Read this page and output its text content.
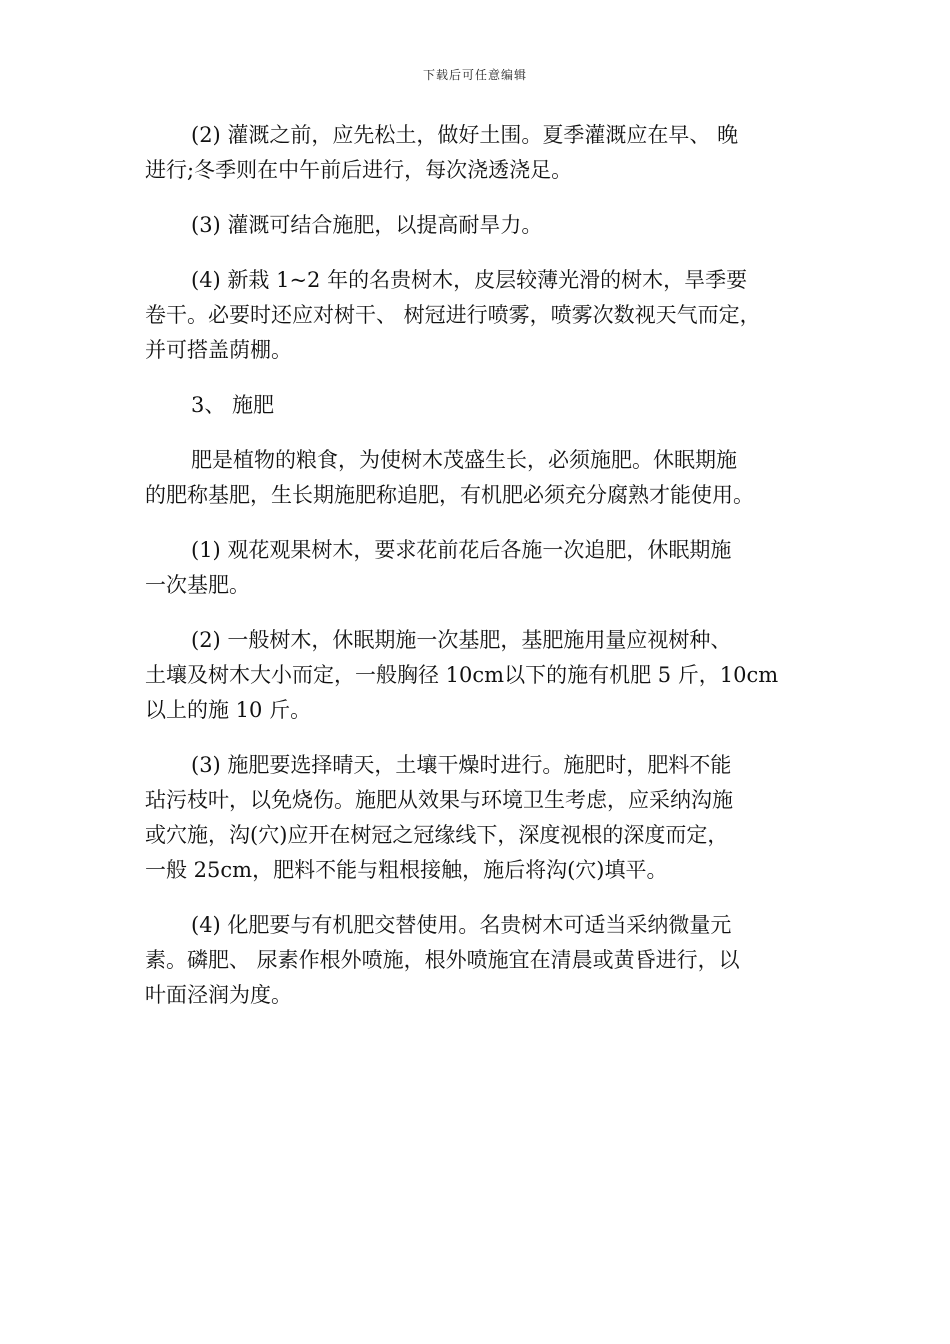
下载后可任意编辑

(2) 灌溉之前，应先松土，做好土围。夏季灌溉应在早、 晚
进行;冬季则在中午前后进行，每次浇透浇足。

(3) 灌溉可结合施肥，以提高耐旱力。

(4) 新栽 1~2 年的名贵树木，皮层较薄光滑的树木，旱季要
卷干。必要时还应对树干、 树冠进行喷雾，喷雾次数视天气而定，
并可搭盖荫棚。

3、 施肥

肥是植物的粮食，为使树木茂盛生长，必须施肥。休眠期施
的肥称基肥，生长期施肥称追肥，有机肥必须充分腐熟才能使用。

(1) 观花观果树木，要求花前花后各施一次追肥，休眠期施
一次基肥。

(2) 一般树木，休眠期施一次基肥，基肥施用量应视树种、
土壤及树木大小而定，一般胸径 10cm以下的施有机肥 5 斤，10cm
以上的施 10 斤。

(3) 施肥要选择晴天，土壤干燥时进行。施肥时，肥料不能
玷污枝叶，以免烧伤。施肥从效果与环境卫生考虑，应采纳沟施
或穴施，沟(穴)应开在树冠之冠缘线下，深度视根的深度而定，
一般 25cm，肥料不能与粗根接触，施后将沟(穴)填平。

(4) 化肥要与有机肥交替使用。名贵树木可适当采纳微量元
素。磷肥、 尿素作根外喷施，根外喷施宜在清晨或黄昏进行，以
叶面泾润为度。
